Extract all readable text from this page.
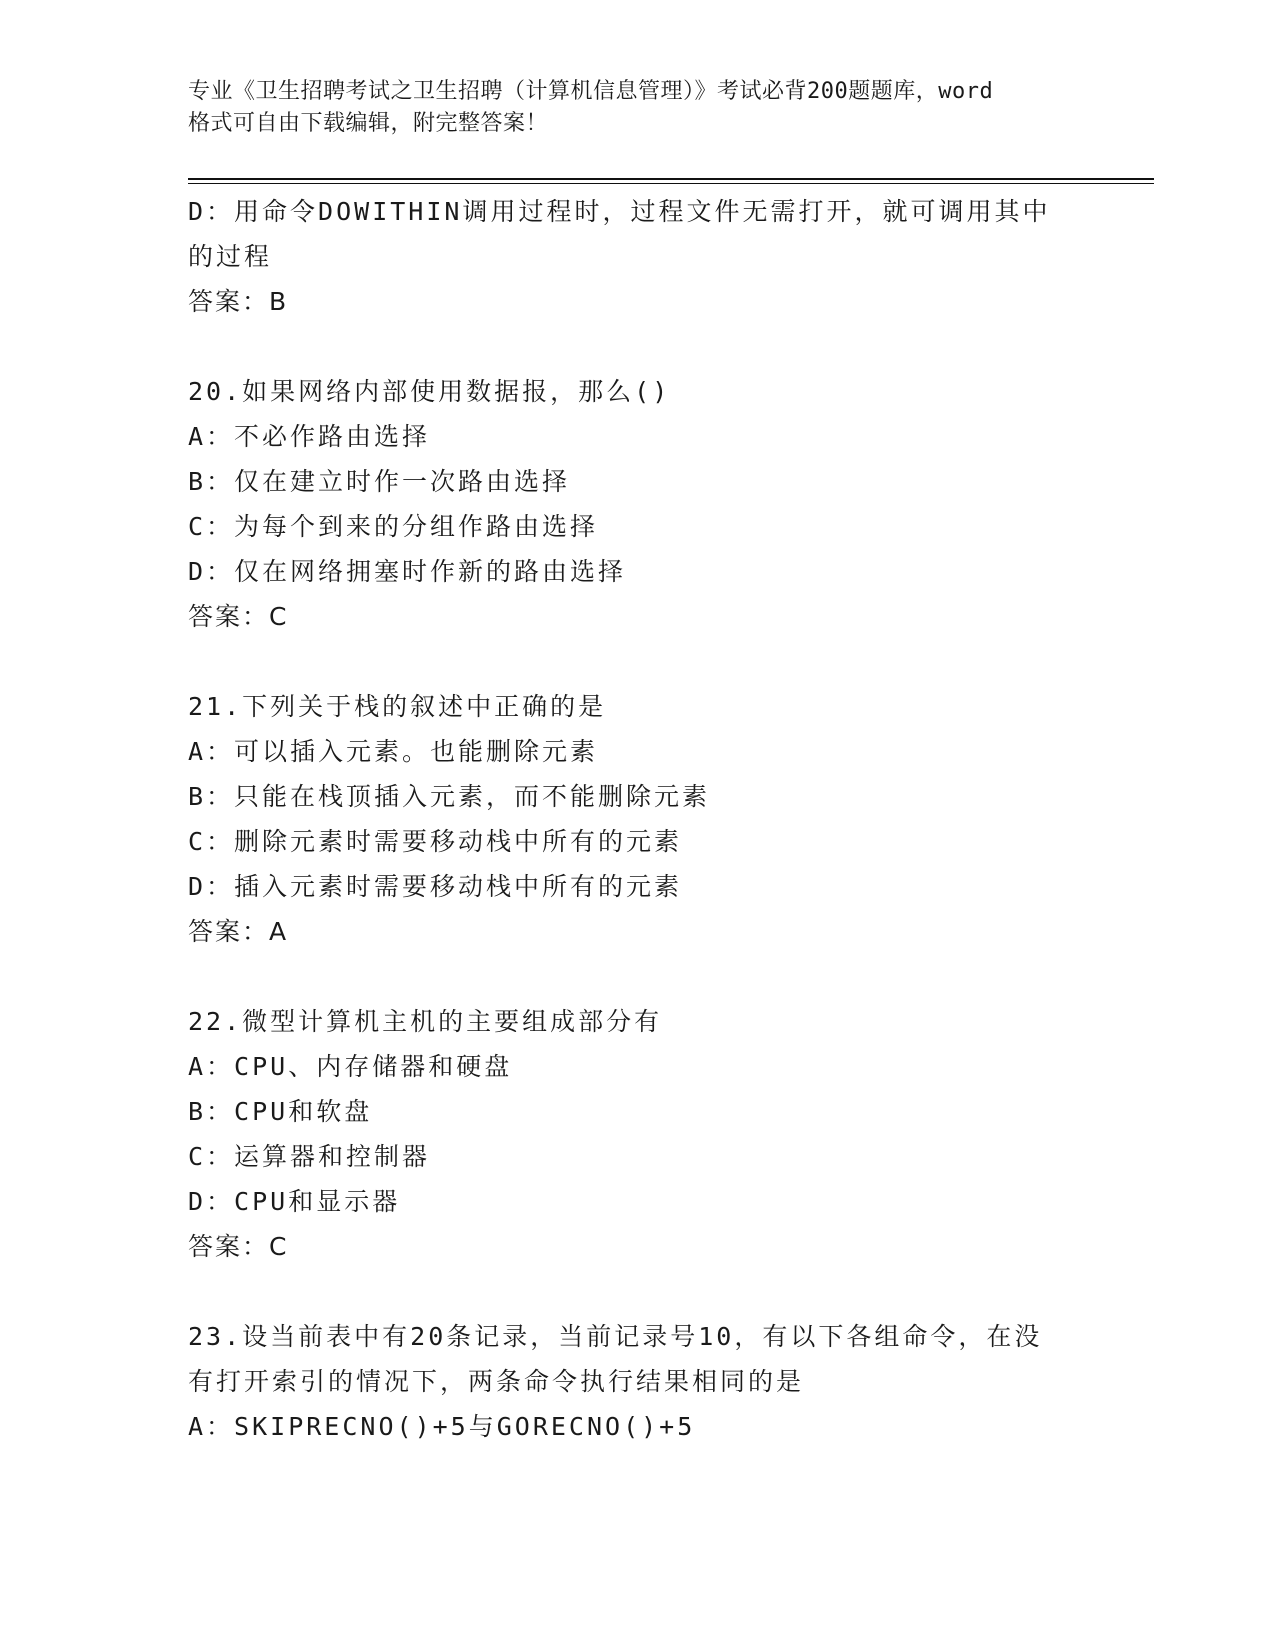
专业《卫生招聘考试之卫生招聘（计算机信息管理）》考试必背200题题库，word
格式可自由下载编辑，附完整答案！
D：用命令DOWITHIN调用过程时，过程文件无需打开，就可调用其中
的过程
答案：B
20.如果网络内部使用数据报，那么()
A：不必作路由选择
B：仅在建立时作一次路由选择
C：为每个到来的分组作路由选择
D：仅在网络拥塞时作新的路由选择
答案：C
21.下列关于栈的叙述中正确的是
A：可以插入元素。也能删除元素
B：只能在栈顶插入元素，而不能删除元素
C：删除元素时需要移动栈中所有的元素
D：插入元素时需要移动栈中所有的元素
答案：A
22.微型计算机主机的主要组成部分有
A：CPU、内存储器和硬盘
B：CPU和软盘
C：运算器和控制器
D：CPU和显示器
答案：C
23.设当前表中有20条记录，当前记录号10，有以下各组命令，在没
有打开索引的情况下，两条命令执行结果相同的是
A：SKIPRECNO()+5与GORECNO()+5
